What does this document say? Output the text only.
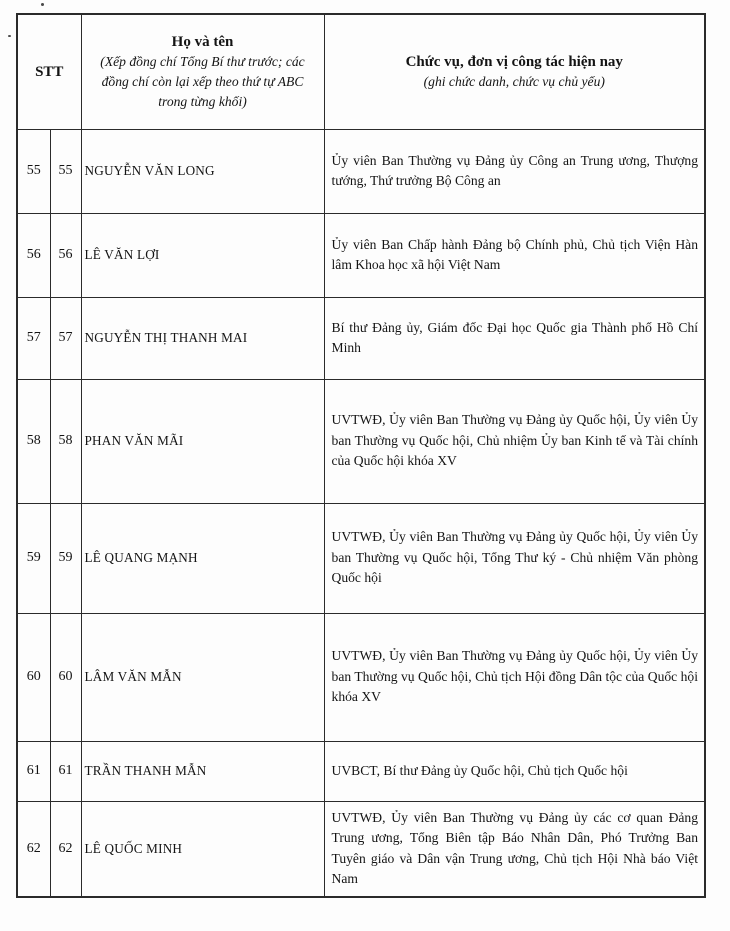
STT

Họ và tên
(Xếp đồng chí Tổng Bí thư trước; các đồng chí còn lại xếp theo thứ tự ABC trong từng khối)

Chức vụ, đơn vị công tác hiện nay
(ghi chức danh, chức vụ chủ yếu)

55	55	NGUYỄN VĂN LONG	Ủy viên Ban Thường vụ Đảng ủy Công an Trung ương, Thượng tướng, Thứ trưởng Bộ Công an
56	56	LÊ VĂN LỢI	Ủy viên Ban Chấp hành Đảng bộ Chính phủ, Chủ tịch Viện Hàn lâm Khoa học xã hội Việt Nam
57	57	NGUYỄN THỊ THANH MAI	Bí thư Đảng ủy, Giám đốc Đại học Quốc gia Thành phố Hồ Chí Minh
58	58	PHAN VĂN MÃI	UVTWĐ, Ủy viên Ban Thường vụ Đảng ủy Quốc hội, Ủy viên Ủy ban Thường vụ Quốc hội, Chủ nhiệm Ủy ban Kinh tế và Tài chính của Quốc hội khóa XV
59	59	LÊ QUANG MẠNH	UVTWĐ, Ủy viên Ban Thường vụ Đảng ủy Quốc hội, Ủy viên Ủy ban Thường vụ Quốc hội, Tổng Thư ký - Chủ nhiệm Văn phòng Quốc hội
60	60	LÂM VĂN MẪN	UVTWĐ, Ủy viên Ban Thường vụ Đảng ủy Quốc hội, Ủy viên Ủy ban Thường vụ Quốc hội, Chủ tịch Hội đồng Dân tộc của Quốc hội khóa XV
61	61	TRẦN THANH MẪN	UVBCT, Bí thư Đảng ủy Quốc hội, Chủ tịch Quốc hội
62	62	LÊ QUỐC MINH	UVTWĐ, Ủy viên Ban Thường vụ Đảng ủy các cơ quan Đảng Trung ương, Tổng Biên tập Báo Nhân Dân, Phó Trưởng Ban Tuyên giáo và Dân vận Trung ương, Chủ tịch Hội Nhà báo Việt Nam
